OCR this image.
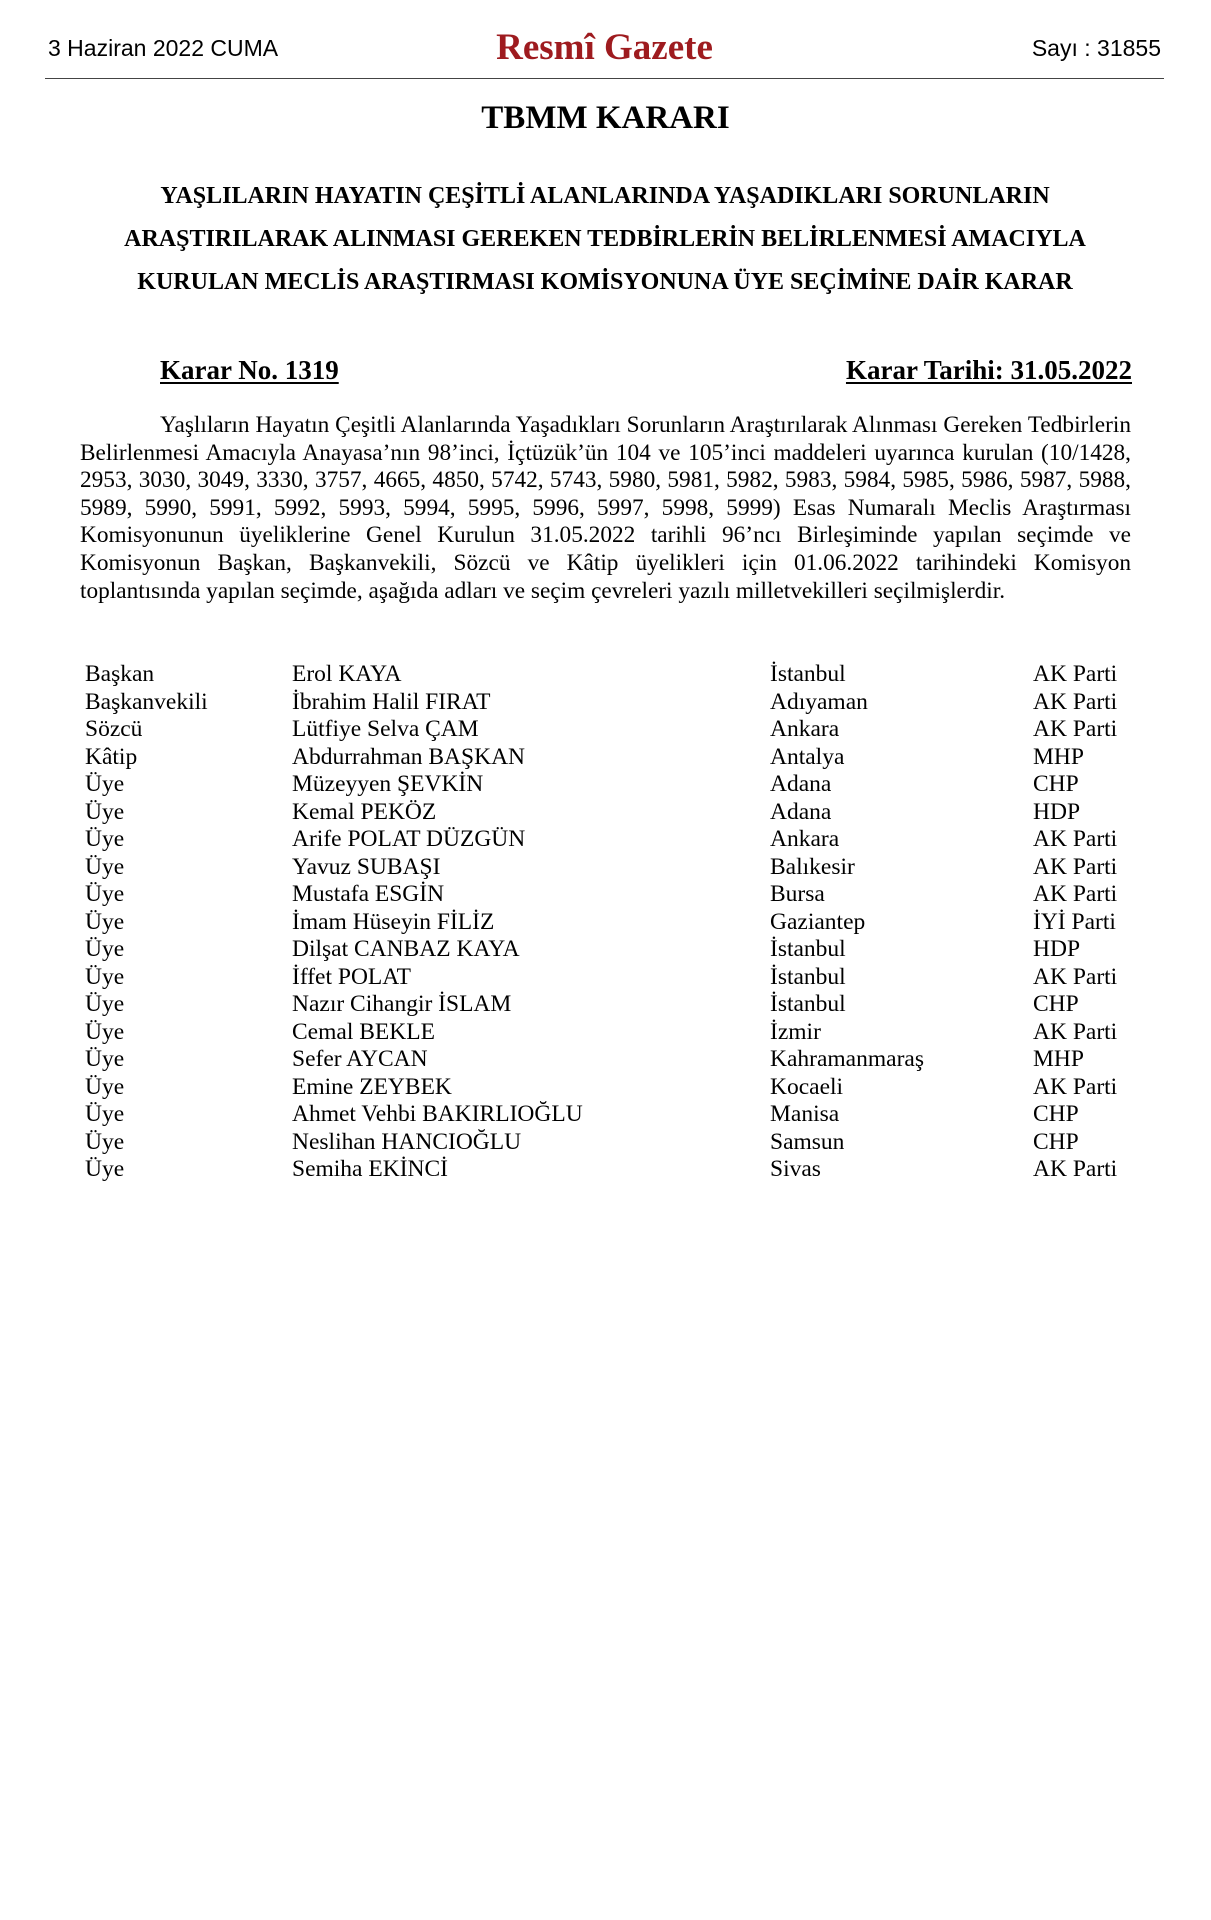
3 Haziran 2022 CUMA	Resmî Gazete	Sayı : 31855
TBMM KARARI
YAŞLILARIN HAYATIN ÇEŞİTLİ ALANLARINDA YAŞADIKLARI SORUNLARIN ARAŞTIRILARAK ALINMASI GEREKEN TEDBİRLERİN BELİRLENMESİ AMACIYLA KURULAN MECLİS ARAŞTIRMASI KOMİSYONUNA ÜYE SEÇİMİNE DAİR KARAR
Karar No. 1319	Karar Tarihi: 31.05.2022
Yaşlıların Hayatın Çeşitli Alanlarında Yaşadıkları Sorunların Araştırılarak Alınması Gereken Tedbirlerin Belirlenmesi Amacıyla Anayasa’nın 98’inci, İçtüzük’ün 104 ve 105’inci maddeleri uyarınca kurulan (10/1428, 2953, 3030, 3049, 3330, 3757, 4665, 4850, 5742, 5743, 5980, 5981, 5982, 5983, 5984, 5985, 5986, 5987, 5988, 5989, 5990, 5991, 5992, 5993, 5994, 5995, 5996, 5997, 5998, 5999) Esas Numaralı Meclis Araştırması Komisyonunun üyeliklerine Genel Kurulun 31.05.2022 tarihli 96’ncı Birleşiminde yapılan seçimde ve Komisyonun Başkan, Başkanvekili, Sözcü ve Kâtip üyelikleri için 01.06.2022 tarihindeki Komisyon toplantısında yapılan seçimde, aşağıda adları ve seçim çevreleri yazılı milletvekilleri seçilmişlerdir.
Başkan	Erol KAYA	İstanbul	AK Parti
Başkanvekili	İbrahim Halil FIRAT	Adıyaman	AK Parti
Sözcü	Lütfiye Selva ÇAM	Ankara	AK Parti
Kâtip	Abdurrahman BAŞKAN	Antalya	MHP
Üye	Müzeyyen ŞEVKİN	Adana	CHP
Üye	Kemal PEKÖZ	Adana	HDP
Üye	Arife POLAT DÜZGÜN	Ankara	AK Parti
Üye	Yavuz SUBAŞI	Balıkesir	AK Parti
Üye	Mustafa ESGİN	Bursa	AK Parti
Üye	İmam Hüseyin FİLİZ	Gaziantep	İYİ Parti
Üye	Dilşat CANBAZ KAYA	İstanbul	HDP
Üye	İffet POLAT	İstanbul	AK Parti
Üye	Nazır Cihangir İSLAM	İstanbul	CHP
Üye	Cemal BEKLE	İzmir	AK Parti
Üye	Sefer AYCAN	Kahramanmaraş	MHP
Üye	Emine ZEYBEK	Kocaeli	AK Parti
Üye	Ahmet Vehbi BAKIRLIOĞLU	Manisa	CHP
Üye	Neslihan HANCIOĞLU	Samsun	CHP
Üye	Semiha EKİNCİ	Sivas	AK Parti
